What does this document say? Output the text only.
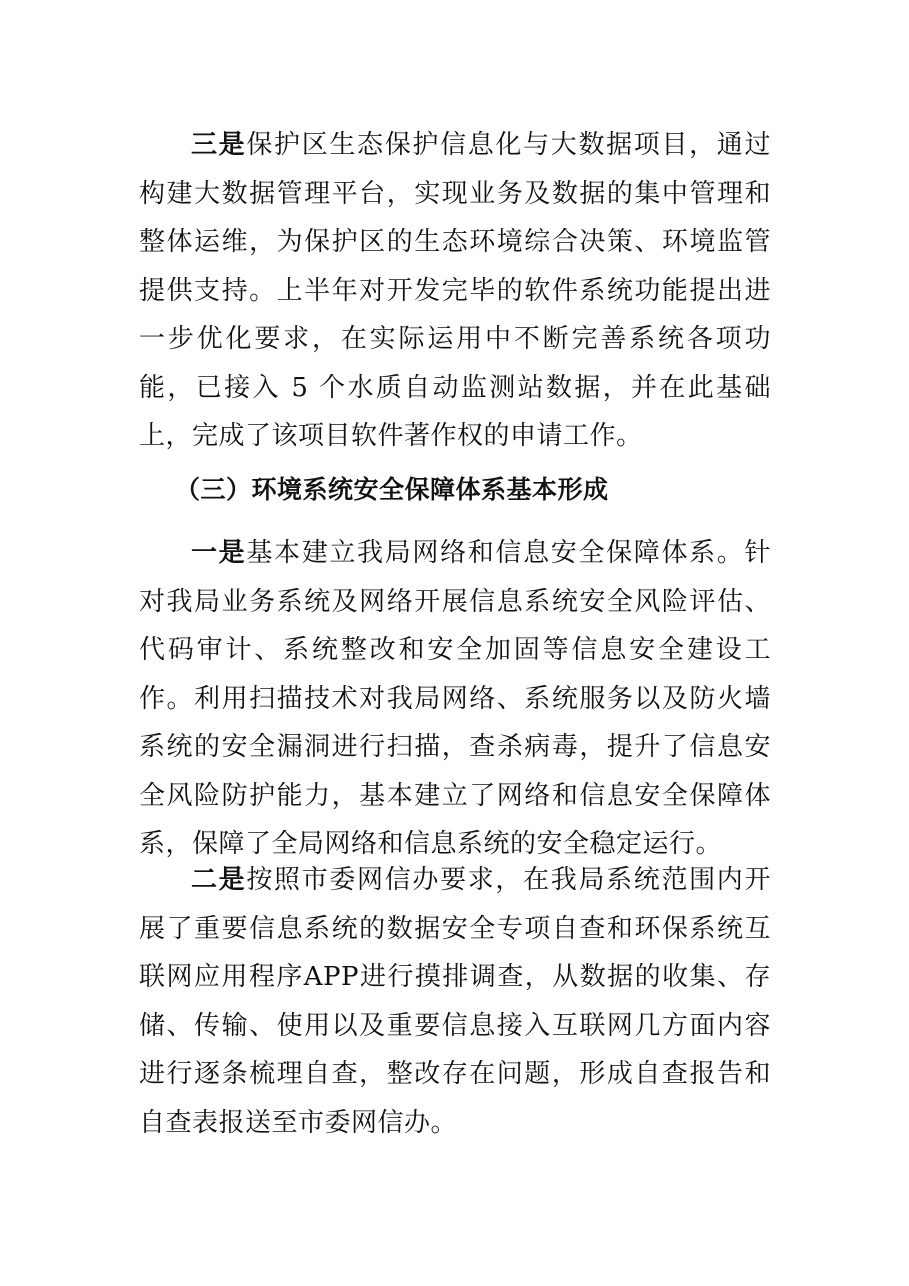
三是保护区生态保护信息化与大数据项目，通过构建大数据管理平台，实现业务及数据的集中管理和整体运维，为保护区的生态环境综合决策、环境监管提供支持。上半年对开发完毕的软件系统功能提出进一步优化要求，在实际运用中不断完善系统各项功能，已接入 5 个水质自动监测站数据，并在此基础上，完成了该项目软件著作权的申请工作。

（三）环境系统安全保障体系基本形成

一是基本建立我局网络和信息安全保障体系。针对我局业务系统及网络开展信息系统安全风险评估、代码审计、系统整改和安全加固等信息安全建设工作。利用扫描技术对我局网络、系统服务以及防火墙系统的安全漏洞进行扫描，查杀病毒，提升了信息安全风险防护能力，基本建立了网络和信息安全保障体系，保障了全局网络和信息系统的安全稳定运行。

二是按照市委网信办要求，在我局系统范围内开展了重要信息系统的数据安全专项自查和环保系统互联网应用程序APP进行摸排调查，从数据的收集、存储、传输、使用以及重要信息接入互联网几方面内容进行逐条梳理自查，整改存在问题，形成自查报告和自查表报送至市委网信办。
